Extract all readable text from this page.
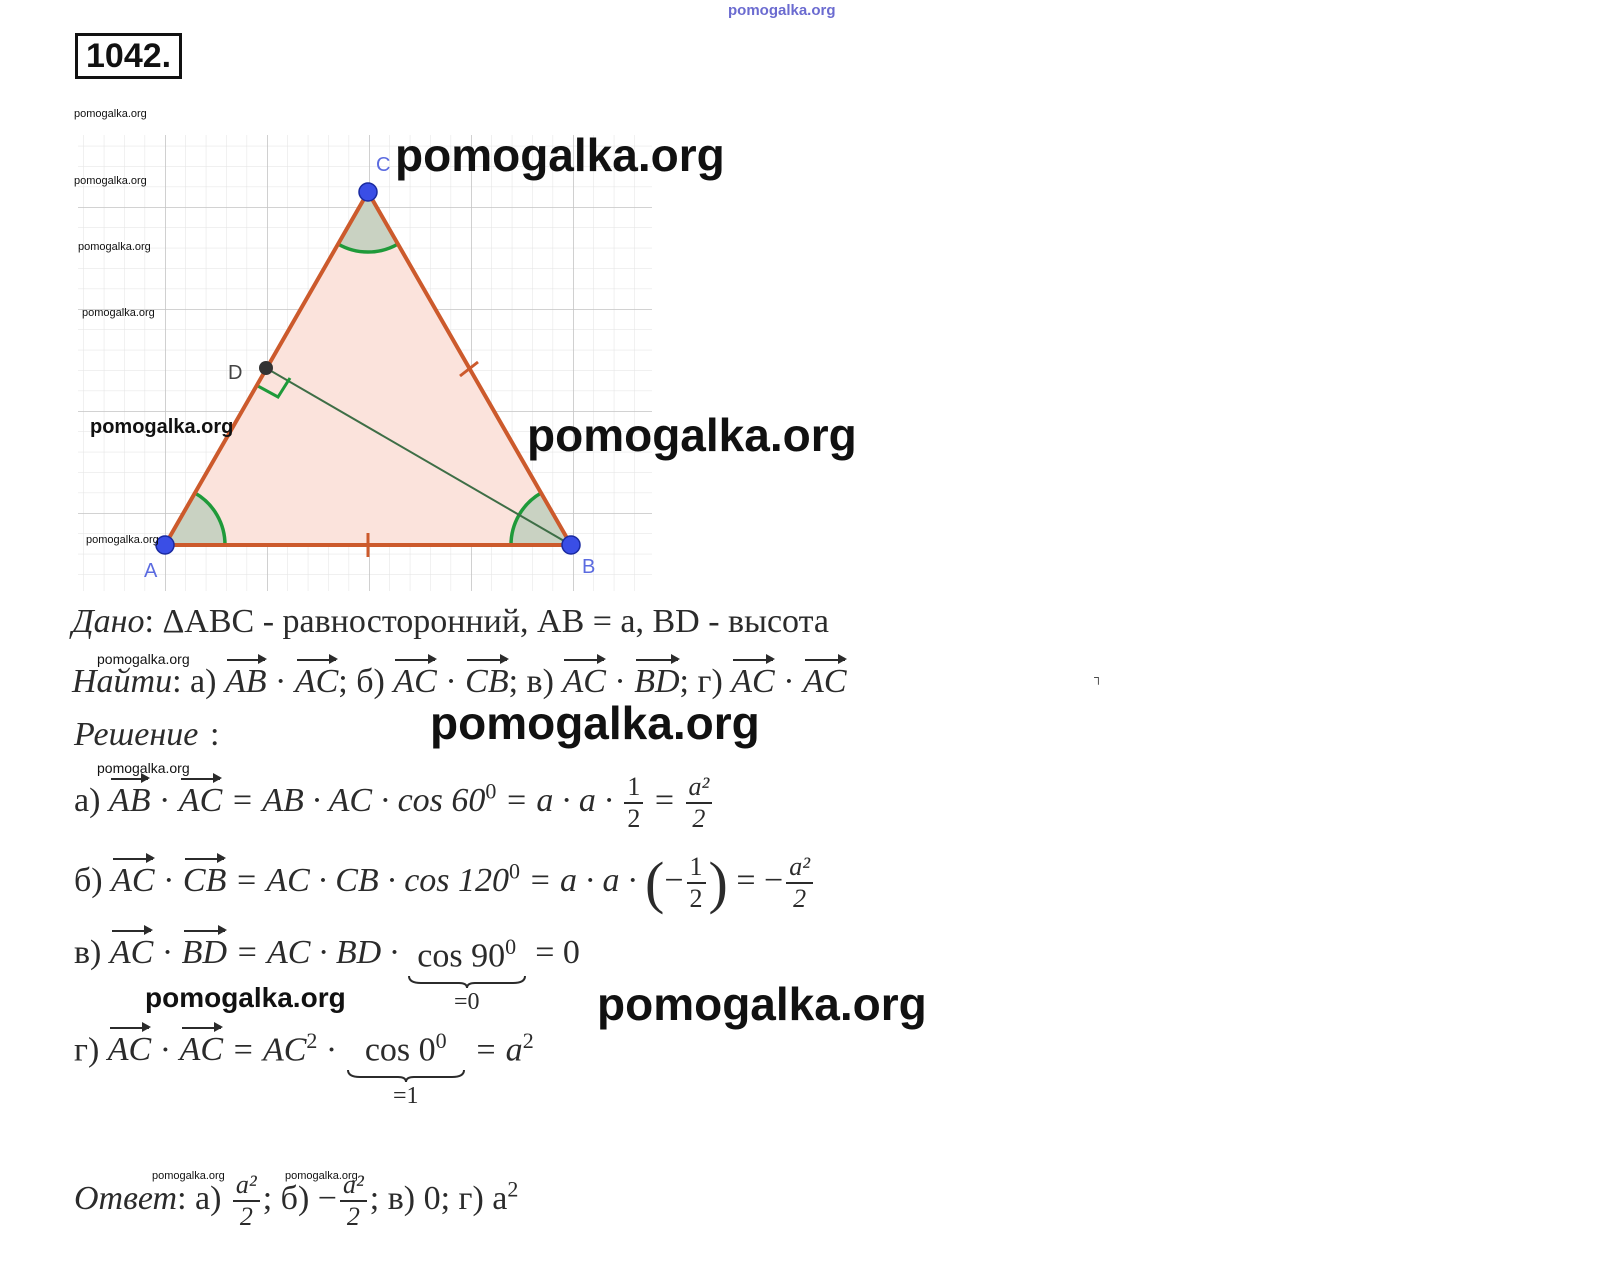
pomogalka.org
1042.
A	B
C
D
pomogalka.org
pomogalka.org
pomogalka.org
pomogalka.org
pomogalka.org
pomogalka.org
pomogalka.org
pomogalka.org
Дано: ΔABC - равносторонний, AB = a, BD - высота
pomogalka.org
Найти: а) AB · AC; б) AC · CB; в) AC · BD; г) AC · AC	┐
Решение :	pomogalka.org
pomogalka.org
а) AB · AC = AB · AC · $\cos 60^0 = a \cdot a \cdot \frac{1}{2} = \frac{\text{a²}}{2}$
б) AC · CB = AC · CB · $\cos 120^0 = a \cdot a$ · (− $\frac{1}{2}$ ) = − $\frac{\text{a²}}{2}$
в) AC · BD = AC · BD · $\cos 90^0$
=0
= 0
pomogalka.org	pomogalka.org
г) AC · AC = $AC^2 \cdot \cos 0^0$
=1
= $a^2$
pomogalka.org	pomogalka.org
Ответ: $а) \frac{\text{a²}}{2}$ ; $б) - \frac{\text{a²}}{2}$ ; в) 0; г) $a^2$
